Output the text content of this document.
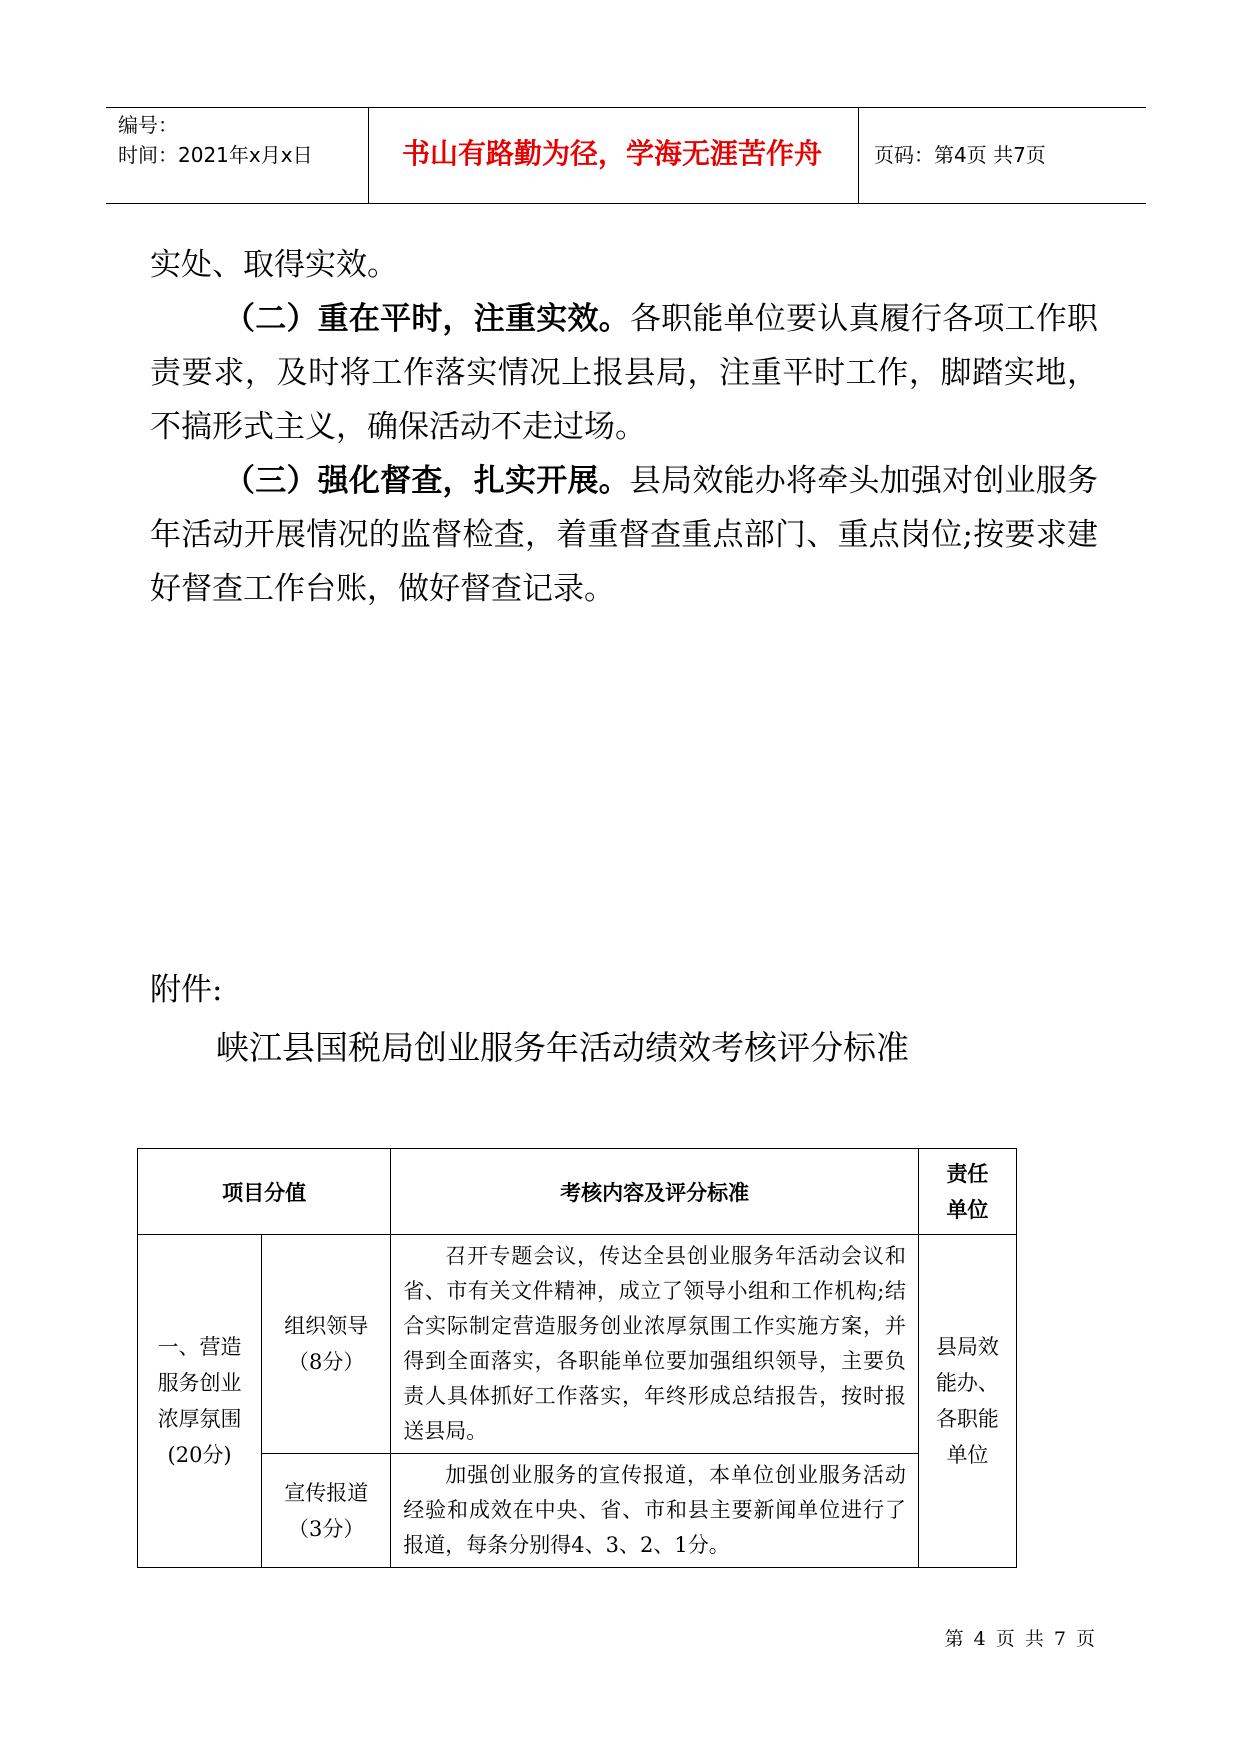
编号：
时间：2021年x月x日	书山有路勤为径，学海无涯苦作舟	页码：第4页 共7页
实处、取得实效。
（二）重在平时，注重实效。各职能单位要认真履行各项工作职责要求，及时将工作落实情况上报县局，注重平时工作，脚踏实地，不搞形式主义，确保活动不走过场。
（三）强化督查，扎实开展。县局效能办将牵头加强对创业服务年活动开展情况的监督检查，着重督查重点部门、重点岗位;按要求建好督查工作台账，做好督查记录。
附件:
峡江县国税局创业服务年活动绩效考核评分标准
项目分值		考核内容及评分标准	责任单位
一、营造服务创业浓厚氛围(20分)	组织领导（8分）	召开专题会议，传达全县创业服务年活动会议和省、市有关文件精神，成立了领导小组和工作机构;结合实际制定营造服务创业浓厚氛围工作实施方案，并得到全面落实，各职能单位要加强组织领导，主要负责人具体抓好工作落实，年终形成总结报告，按时报送县局。	县局效能办、各职能单位
	宣传报道（3分）	加强创业服务的宣传报道，本单位创业服务活动经验和成效在中央、省、市和县主要新闻单位进行了报道，每条分别得4、3、2、1分。	
第 4 页 共 7 页
